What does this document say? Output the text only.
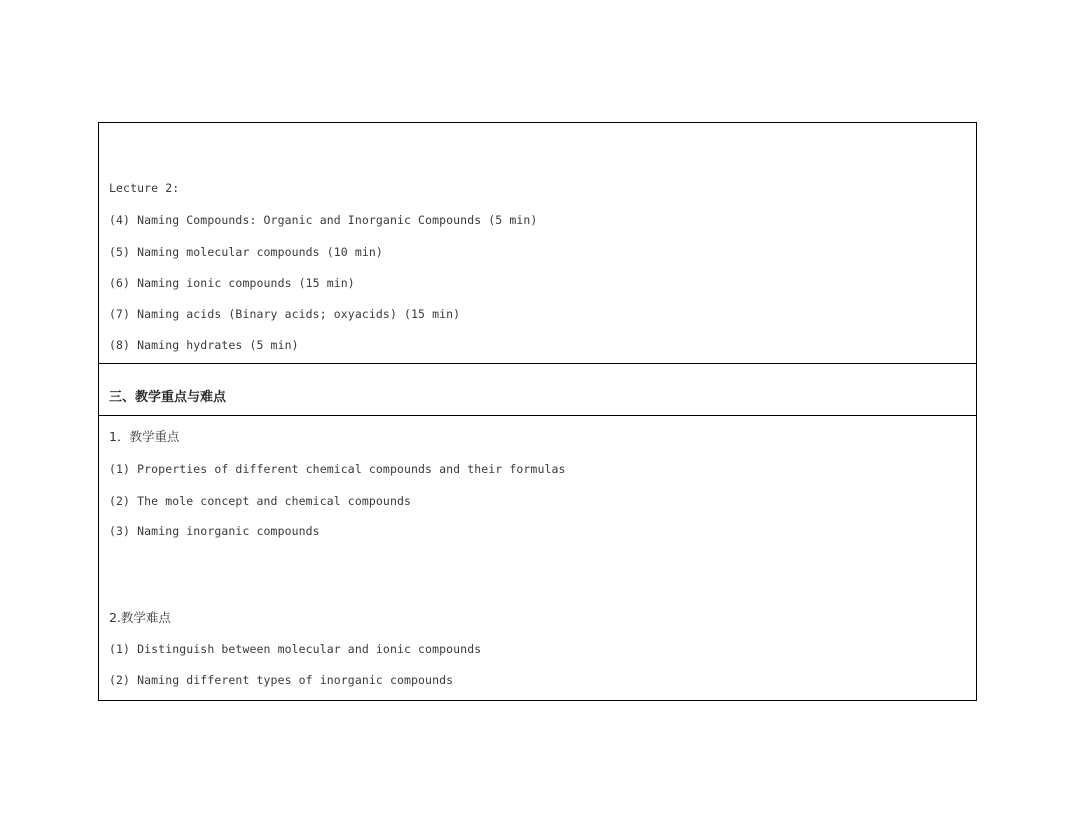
Lecture 2:
(4) Naming Compounds: Organic and Inorganic Compounds (5 min)
(5) Naming molecular compounds (10 min)
(6) Naming ionic compounds (15 min)
(7) Naming acids (Binary acids; oxyacids) (15 min)
(8) Naming hydrates (5 min)
三、教学重点与难点
1．教学重点
(1) Properties of different chemical compounds and their formulas
(2) The mole concept and chemical compounds
(3) Naming inorganic compounds
2.教学难点
(1) Distinguish between molecular and ionic compounds
(2) Naming different types of inorganic compounds
